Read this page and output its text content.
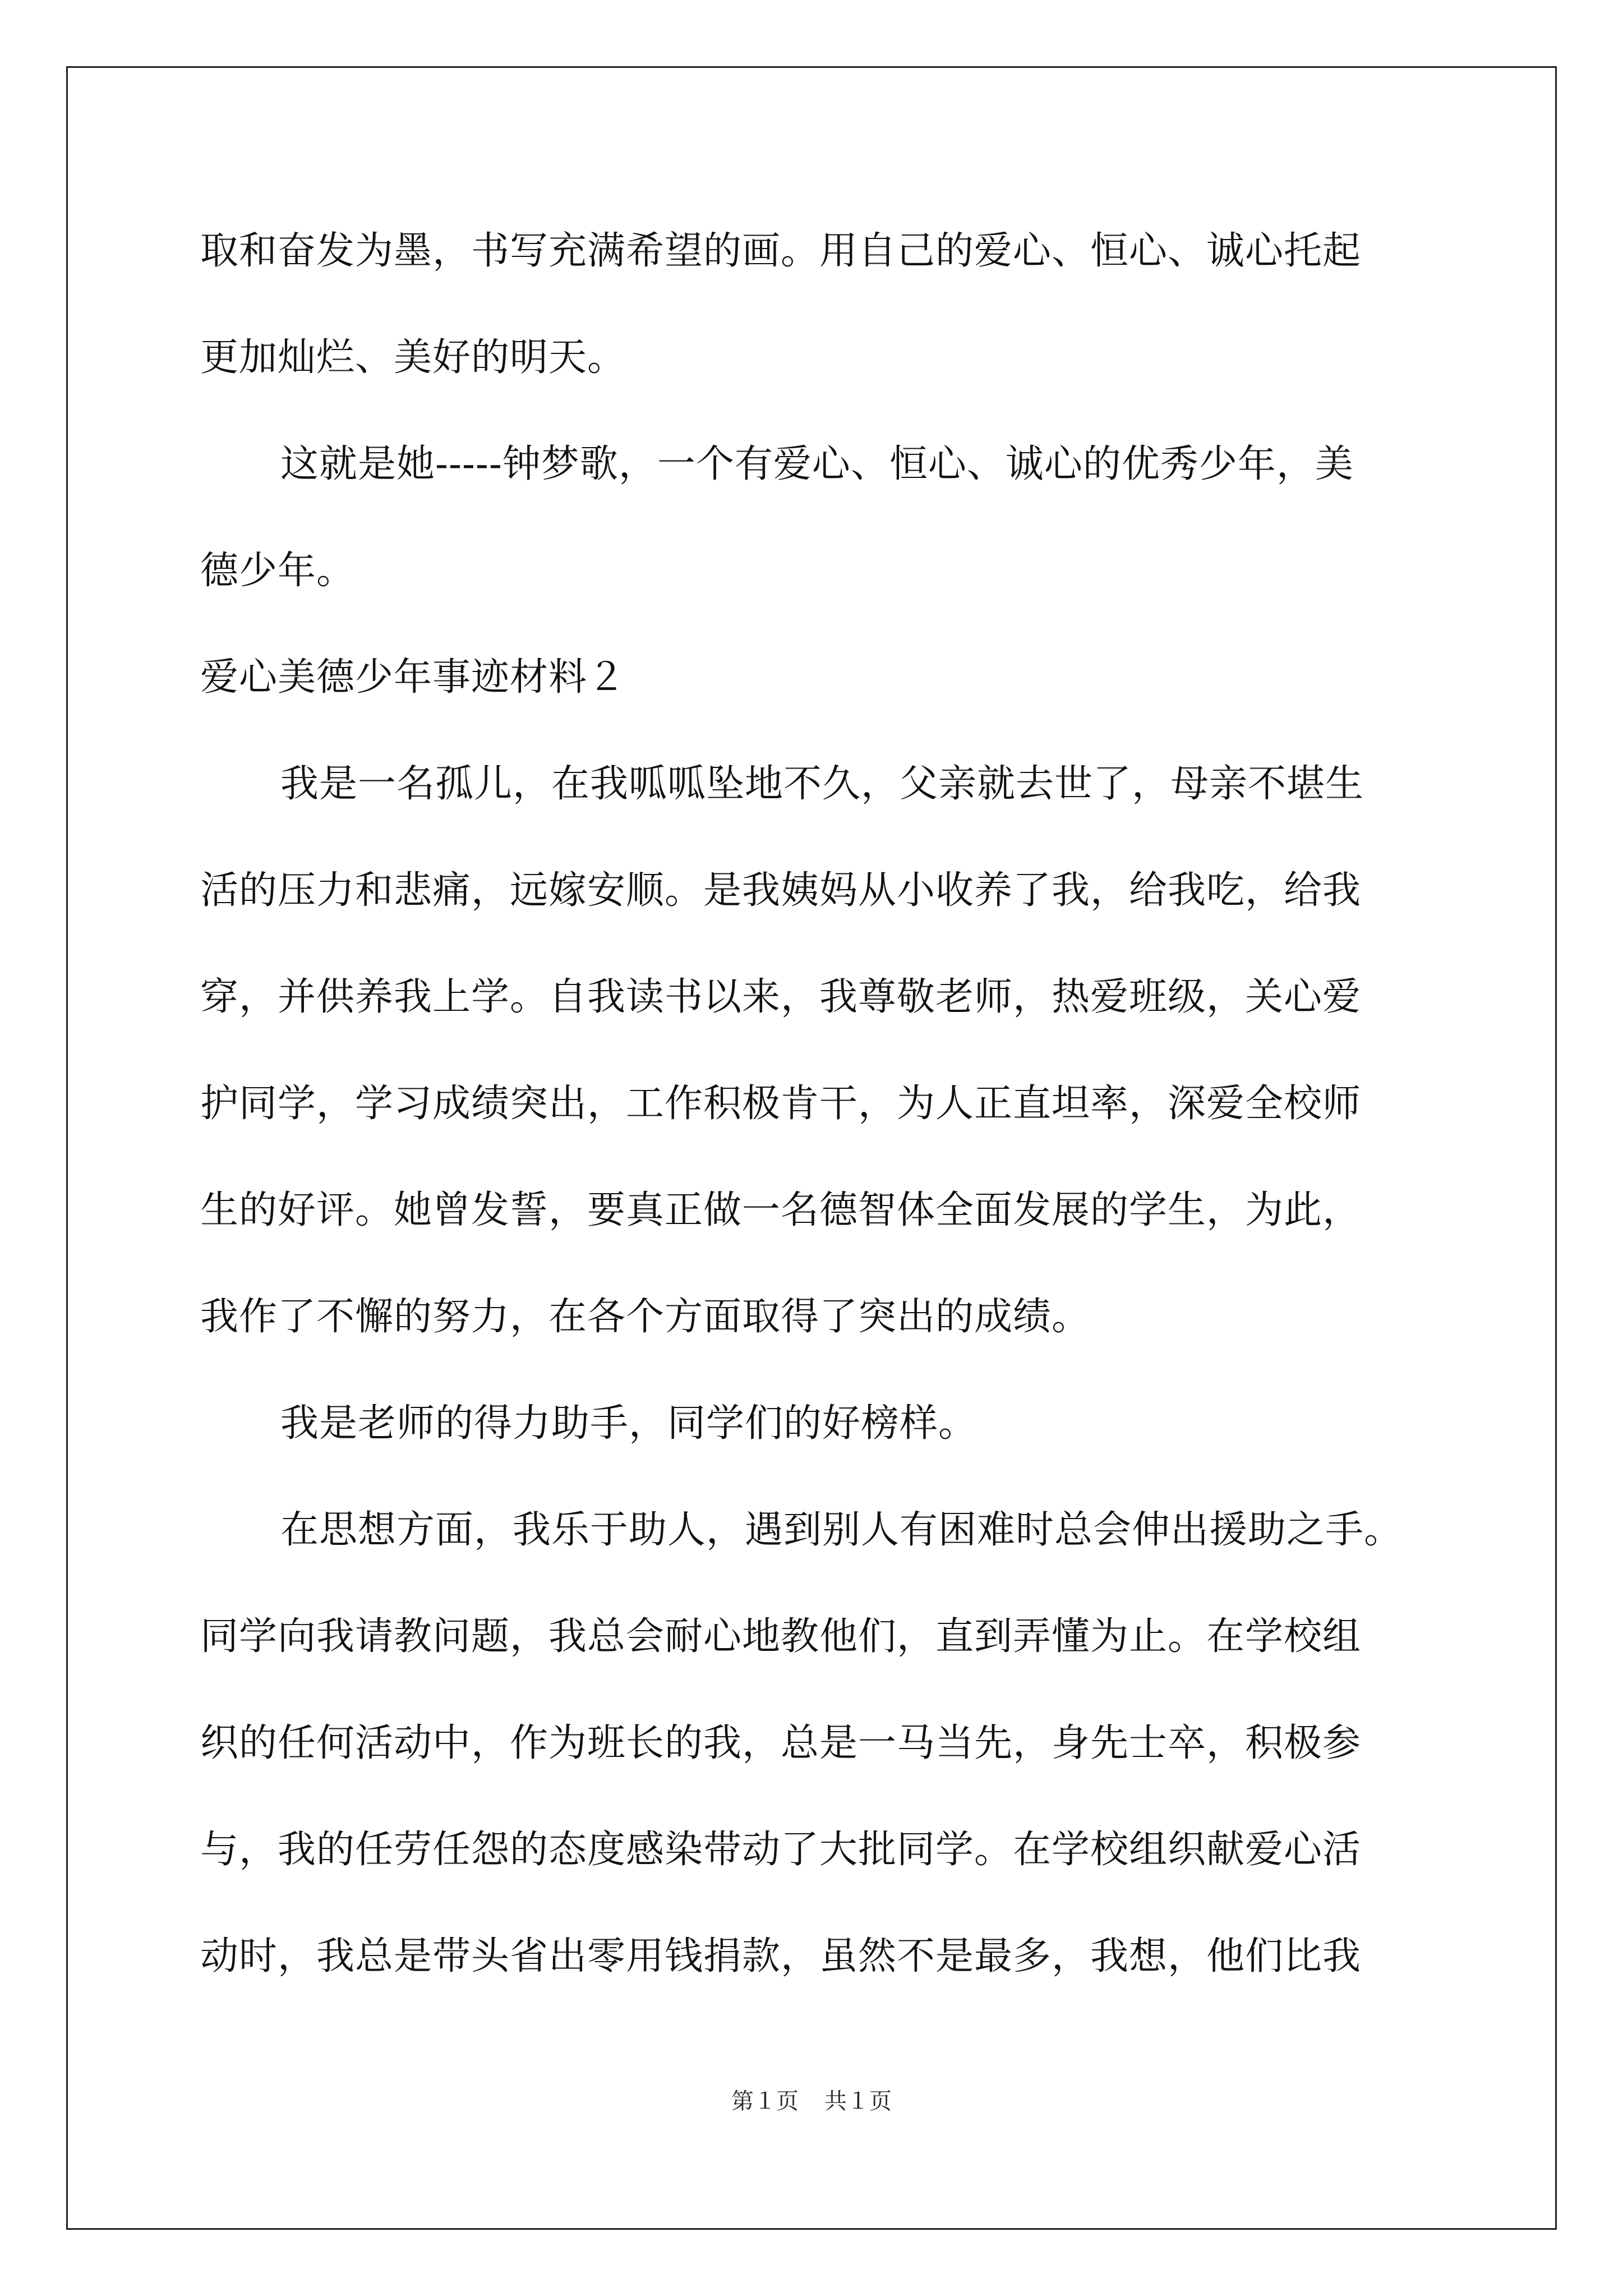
取和奋发为墨，书写充满希望的画。用自己的爱心、恒心、诚心托起
更加灿烂、美好的明天。
这就是她-----钟梦歌，一个有爱心、恒心、诚心的优秀少年，美
德少年。
爱心美德少年事迹材料２
我是一名孤儿，在我呱呱坠地不久，父亲就去世了，母亲不堪生
活的压力和悲痛，远嫁安顺。是我姨妈从小收养了我，给我吃，给我
穿，并供养我上学。自我读书以来，我尊敬老师，热爱班级，关心爱
护同学，学习成绩突出，工作积极肯干，为人正直坦率，深爱全校师
生的好评。她曾发誓，要真正做一名德智体全面发展的学生，为此，
我作了不懈的努力，在各个方面取得了突出的成绩。
我是老师的得力助手，同学们的好榜样。
在思想方面，我乐于助人，遇到别人有困难时总会伸出援助之手。
同学向我请教问题，我总会耐心地教他们，直到弄懂为止。在学校组
织的任何活动中，作为班长的我，总是一马当先，身先士卒，积极参
与，我的任劳任怨的态度感染带动了大批同学。在学校组织献爱心活
动时，我总是带头省出零用钱捐款，虽然不是最多，我想，他们比我
第１页 共１页
